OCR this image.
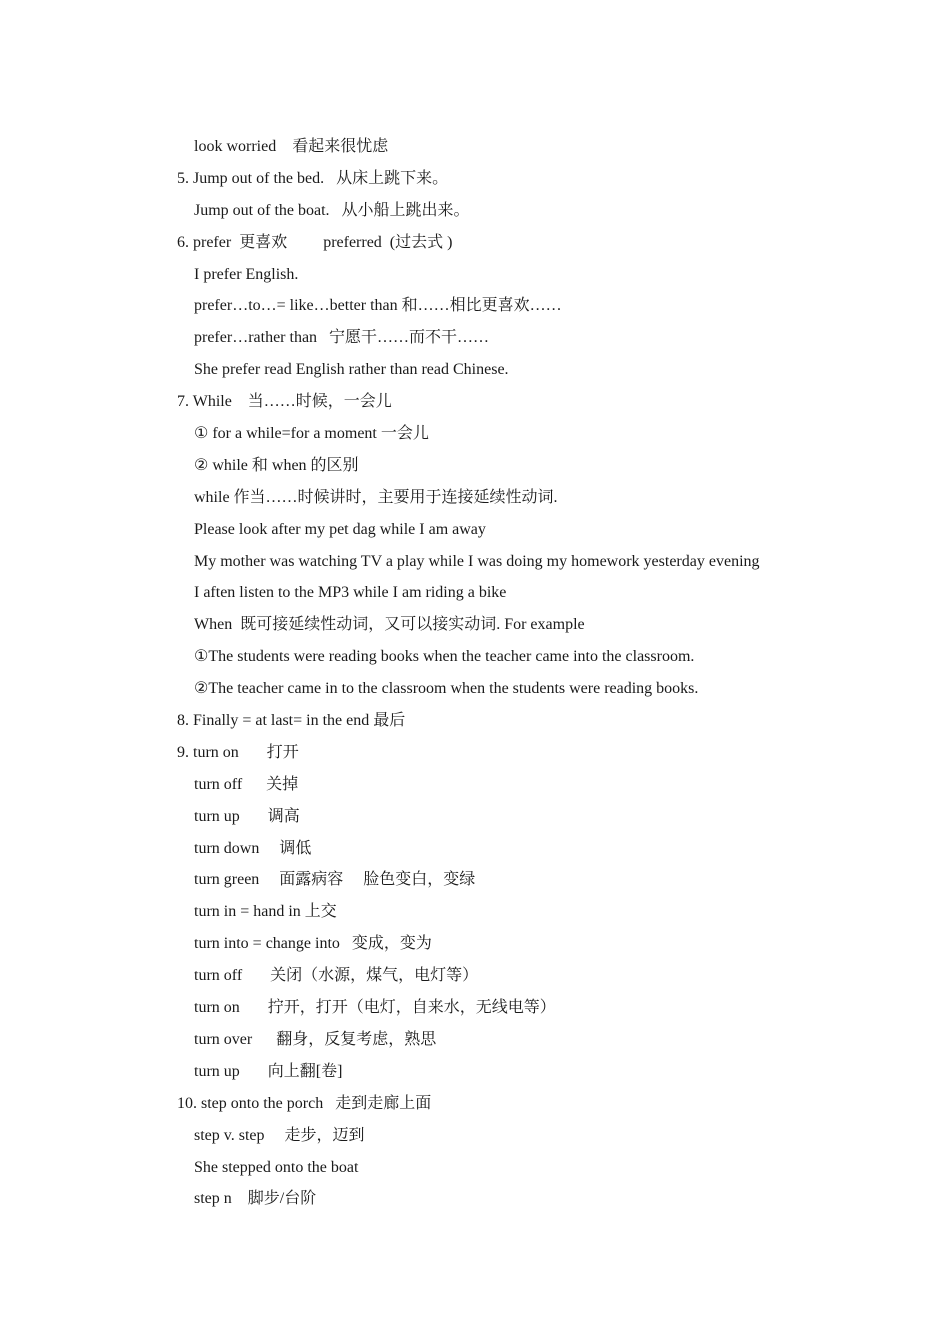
look worried    看起来很忧虑
5. Jump out of the bed.   从床上跳下来。
Jump out of the boat.   从小船上跳出来。
6. prefer  更喜欢         preferred  (过去式 )
I prefer English.
prefer…to…= like…better than 和……相比更喜欢……
prefer…rather than   宁愿干……而不干……
She prefer read English rather than read Chinese.
7. While    当……时候，一会儿
① for a while=for a moment 一会儿
② while 和 when 的区别
while 作当……时候讲时，主要用于连接延续性动词.
Please look after my pet dag while I am away
My mother was watching TV a play while I was doing my homework yesterday evening
I aften listen to the MP3 while I am riding a bike
When  既可接延续性动词，又可以接实动词. For example
①The students were reading books when the teacher came into the classroom.
②The teacher came in to the classroom when the students were reading books.
8. Finally = at last= in the end 最后
9. turn on       打开
turn off      关掉
turn up       调高
turn down     调低
turn green     面露病容     脸色变白，变绿
turn in = hand in 上交
turn into = change into   变成，变为
turn off       关闭（水源，煤气，电灯等）
turn on       拧开，打开（电灯，自来水，无线电等）
turn over      翻身，反复考虑，熟思
turn up       向上翻[卷]
10. step onto the porch   走到走廊上面
step v. step     走步，迈到
She stepped onto the boat
step n    脚步/台阶
